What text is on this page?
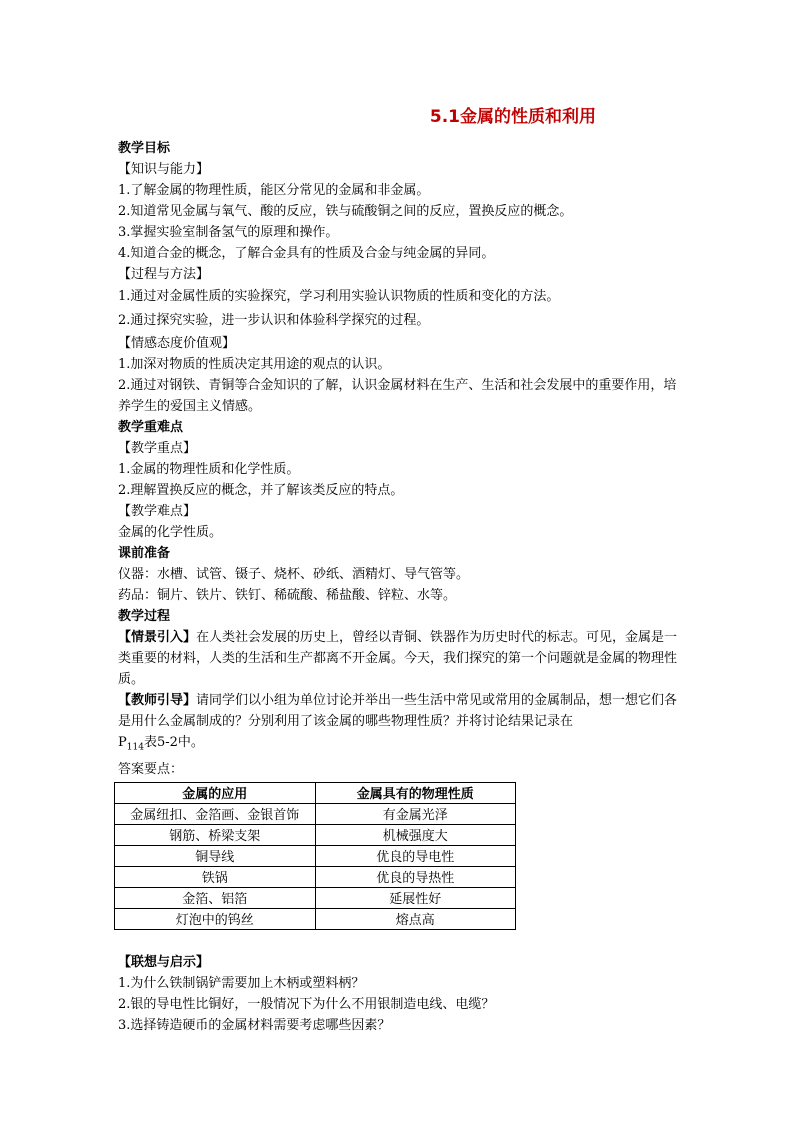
5.1金属的性质和利用
教学目标
【知识与能力】
1.了解金属的物理性质，能区分常见的金属和非金属。
2.知道常见金属与氧气、酸的反应，铁与硫酸铜之间的反应，置换反应的概念。
3.掌握实验室制备氢气的原理和操作。
4.知道合金的概念，了解合金具有的性质及合金与纯金属的异同。
【过程与方法】
1.通过对金属性质的实验探究，学习利用实验认识物质的性质和变化的方法。
2.通过探究实验，进一步认识和体验科学探究的过程。
【情感态度价值观】
1.加深对物质的性质决定其用途的观点的认识。
2.通过对钢铁、青铜等合金知识的了解，认识金属材料在生产、生活和社会发展中的重要作用，培养学生的爱国主义情感。
教学重难点
【教学重点】
1.金属的物理性质和化学性质。
2.理解置换反应的概念，并了解该类反应的特点。
【教学难点】
金属的化学性质。
课前准备
仪器：水槽、试管、镊子、烧杯、砂纸、酒精灯、导气管等。
药品：铜片、铁片、铁钉、稀硫酸、稀盐酸、锌粒、水等。
教学过程
【情景引入】在人类社会发展的历史上，曾经以青铜、铁器作为历史时代的标志。可见，金属是一类重要的材料，人类的生活和生产都离不开金属。今天，我们探究的第一个问题就是金属的物理性质。
【教师引导】请同学们以小组为单位讨论并举出一些生活中常见或常用的金属制品，想一想它们各是用什么金属制成的？分别利用了该金属的哪些物理性质？并将讨论结果记录在
$P_{114}$表5-2中。
答案要点：
金属的应用	金属具有的物理性质
金属纽扣、金箔画、金银首饰	有金属光泽
钢筋、桥梁支架	机械强度大
铜导线	优良的导电性
铁锅	优良的导热性
金箔、铝箔	延展性好
灯泡中的钨丝	熔点高
【联想与启示】
1.为什么铁制锅铲需要加上木柄或塑料柄？
2.银的导电性比铜好，一般情况下为什么不用银制造电线、电缆？
3.选择铸造硬币的金属材料需要考虑哪些因素？
